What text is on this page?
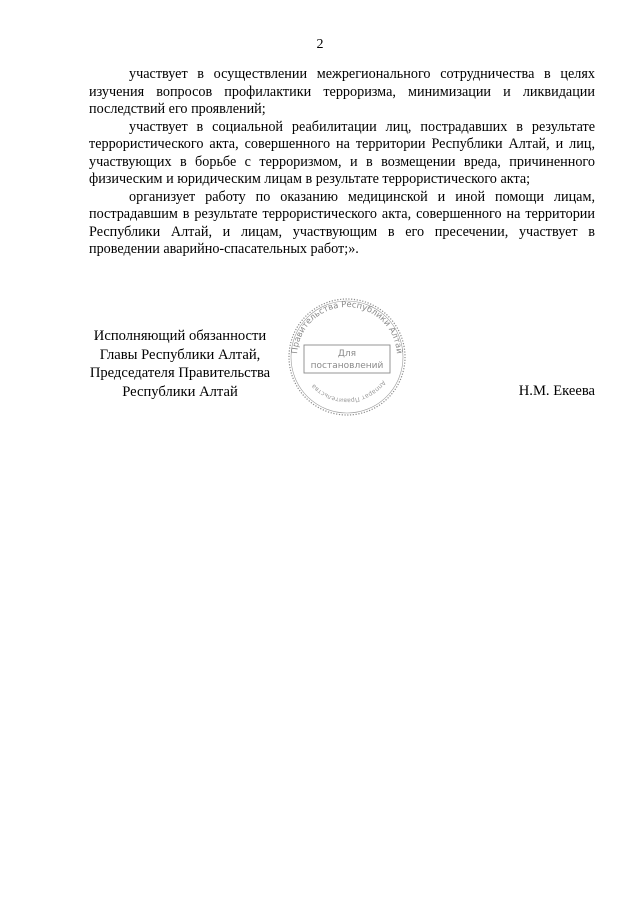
2

участвует в осуществлении межрегионального сотрудничества в целях изучения вопросов профилактики терроризма, минимизации и ликвидации последствий его проявлений;

участвует в социальной реабилитации лиц, пострадавших в результате террористического акта, совершенного на территории Республики Алтай, и лиц, участвующих в борьбе с терроризмом, и в возмещении вреда, причиненного физическим и юридическим лицам в результате террористического акта;

организует работу по оказанию медицинской и иной помощи лицам, пострадавшим в результате террористического акта, совершенного на территории Республики Алтай, и лицам, участвующим в его пресечении, участвует в проведении аварийно-спасательных работ;».

Исполняющий обязанности
Главы Республики Алтай,
Председателя Правительства
Республики Алтай	Н.М. Екеева
Правительства Республики Алтай
Аппарат Правительства
Для
постановлений
